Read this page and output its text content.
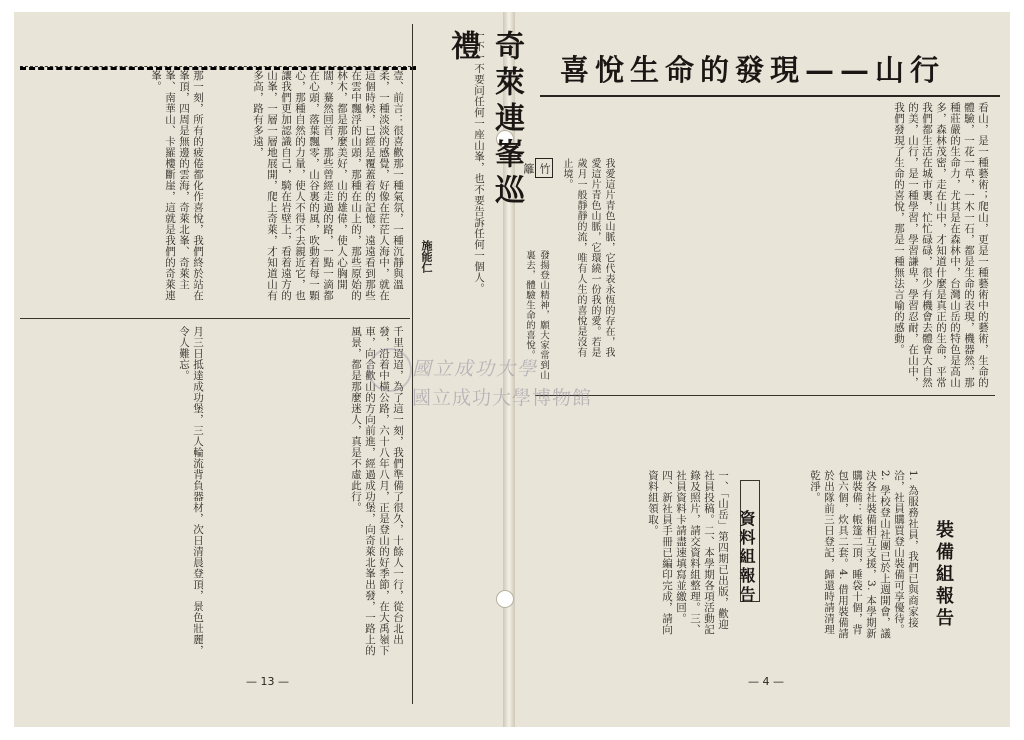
奇萊連峯巡禮
施能仁	一不一不要问任何一座山峯，也不要告訴任何一個人。
壹、前言：很喜歡那一種氣氛，一種沉靜與溫柔，一種淡淡的感覺，好像在茫茫人海中，就在這個時候，已經是覆蓋着的記憶，遠遠看到那些在雲中飄浮的山頭，那種在山上的，那些原始的林木，都是那麼美好，山的雄偉，使人心胸開闊，驀然回首，那些曾經走過的路，一點一滴都在心頭，落葉飄零，山谷裏的風，吹動着每一顆心，那種自然的力量，使人不得不去親近它，也讓我們更加認識自己，騎在岩壁上，看着遠方的山峯，一層一層地展開，爬上奇萊，才知道山有多高，路有多遠，
那一刻，所有的疲倦都化作喜悅，我們終於站在峯頂，四周是無邊的雲海，奇萊北峯、奇萊主峯、南華山、卡羅樓斷崖，這就是我們的奇萊連峯。
千里迢迢，為了這一刻，我們準備了很久，十餘人一行，從台北出發，沿着中橫公路，六十八年八月，正是登山的好季節，在大禹嶺下車，向合歡山的方向前進，經過成功堡，向奇萊北峯出發，一路上的風景，都是那麼迷人，真是不虛此行。
月三日抵達成功堡，三人輪流背負器材，次日清晨登頂，景色壯麗，令人難忘。
— 13 —
喜悅生命的發現——山行
看山，是一種藝術；爬山，更是一種藝術中的藝術，生命的體驗，一花一草，一木一石，都是生命的表現，機器然，那種莊嚴的生命力，尤其是在森林中，台灣山岳的特色是高山多，森林茂密，走在山中，才知道什麼是真正的生命，平常我們都生活在城市裏，忙忙碌碌，很少有機會去體會大自然的美，山行，是一種學習，學習謙卑，學習忍耐，在山中，我們發現了生命的喜悅，那是一種無法言喻的感動。
竹籬	我愛這片青色山脈，它代表永恆的存在，我愛這片青色山脈，它環繞一份我的愛。若是歲月一般靜靜的流，唯有人生的喜悅是沒有止境。
發揚登山精神，願大家常到山裏去，體驗生命的喜悅。
裝備組報告
1. 為服務社員，我們已與商家接洽，社員購買登山裝備可享優待。2. 學校登山社團已於上週開會，議決各社裝備相互支援，3. 本學期新購裝備：帳篷二頂，睡袋十個，背包六個，炊具二套。4. 借用裝備請於出隊前三日登記，歸還時請清理乾淨。
資料組報告
一、「山岳」第四期已出版，歡迎社員投稿。二、本學期各項活動記錄及照片，請交資料組整理。三、社員資料卡請盡速填寫並繳回。四、新社員手冊已編印完成，請向資料組領取。
— 4 —
國立成功大學
國立成功大學博物館
